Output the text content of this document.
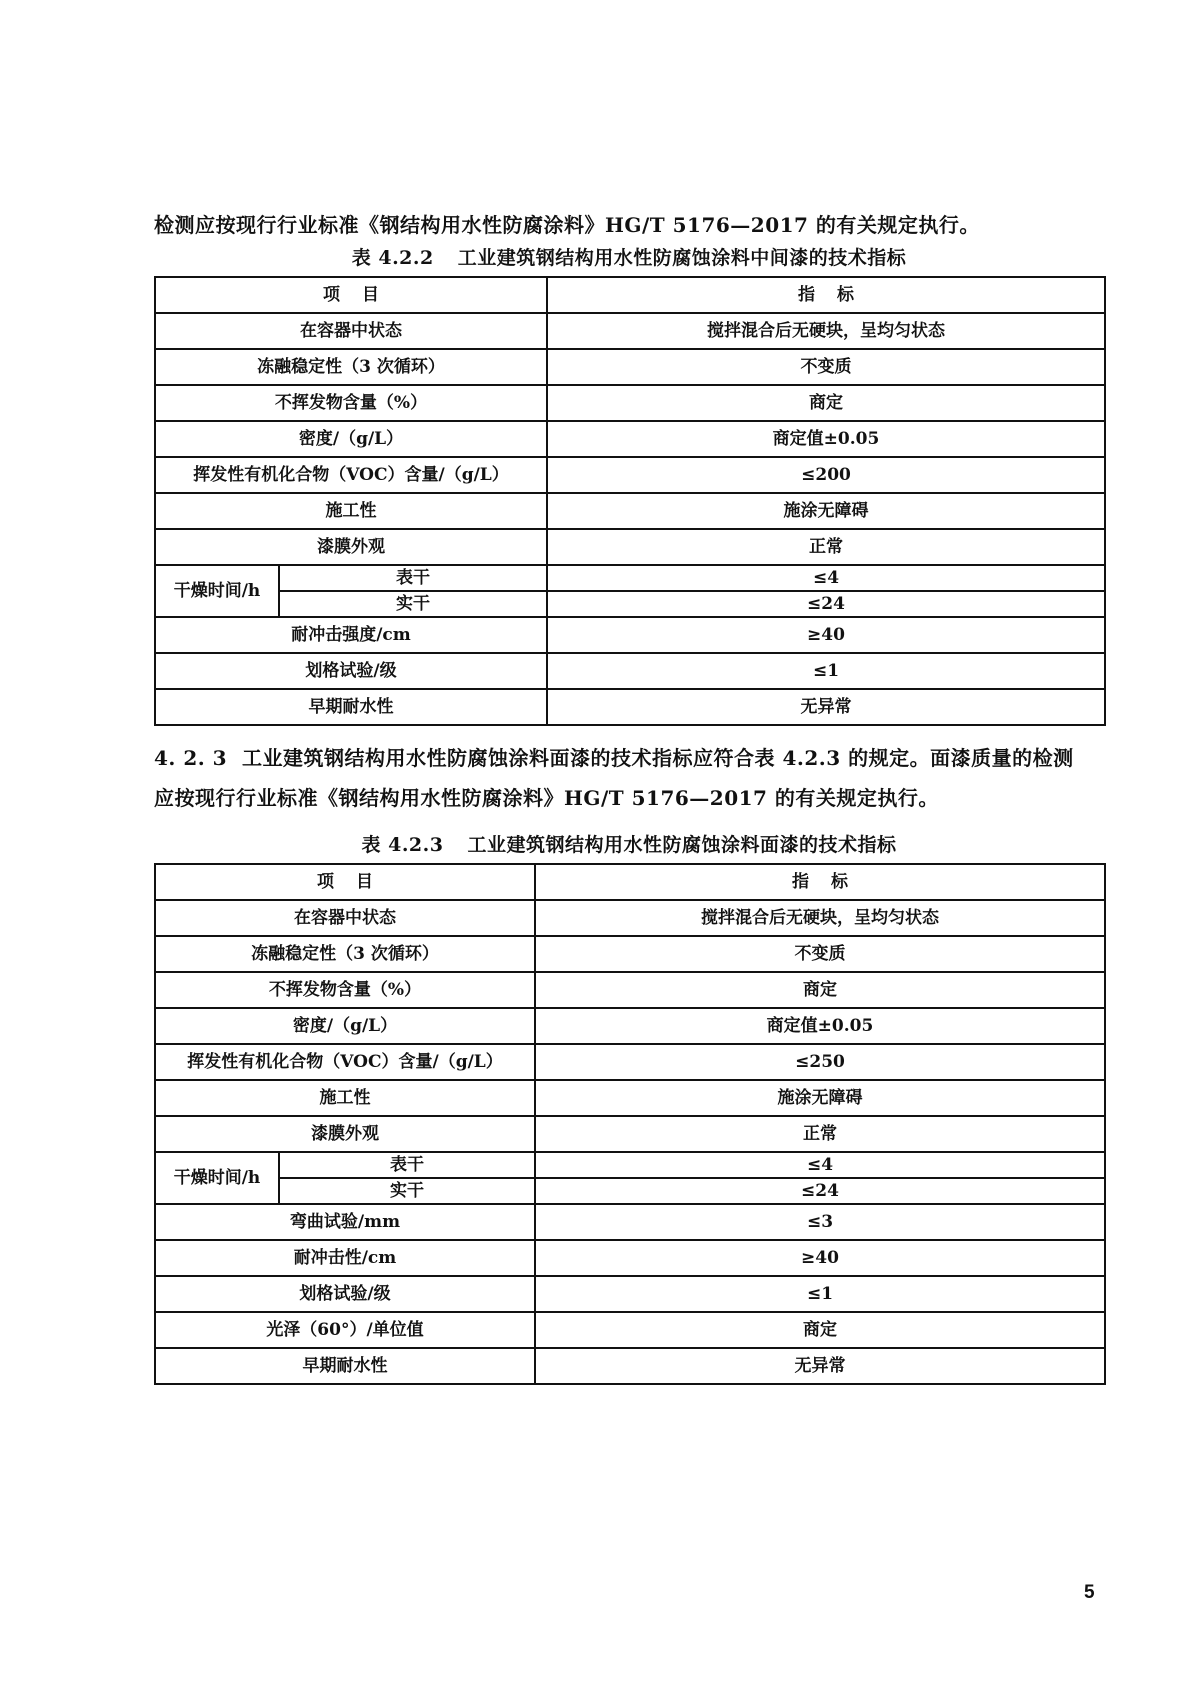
检测应按现行行业标准《钢结构用水性防腐涂料》HG/T 5176—2017 的有关规定执行。
表 4.2.2 工业建筑钢结构用水性防腐蚀涂料中间漆的技术指标
项目		指标
在容器中状态		搅拌混合后无硬块，呈均匀状态
冻融稳定性（3 次循环）		不变质
不挥发物含量（%）		商定
密度/（g/L）		商定值±0.05
挥发性有机化合物（VOC）含量/（g/L）		≤200
施工性		施涂无障碍
漆膜外观		正常
干燥时间/h	表干	≤4
	实干	≤24
耐冲击强度/cm		≥40
划格试验/级		≤1
早期耐水性		无异常
4. 2. 3 工业建筑钢结构用水性防腐蚀涂料面漆的技术指标应符合表 4.2.3 的规定。面漆质量的检测
应按现行行业标准《钢结构用水性防腐涂料》HG/T 5176—2017 的有关规定执行。
表 4.2.3 工业建筑钢结构用水性防腐蚀涂料面漆的技术指标
项目		指标
在容器中状态		搅拌混合后无硬块，呈均匀状态
冻融稳定性（3 次循环）		不变质
不挥发物含量（%）		商定
密度/（g/L）		商定值±0.05
挥发性有机化合物（VOC）含量/（g/L）		≤250
施工性		施涂无障碍
漆膜外观		正常
干燥时间/h	表干	≤4
	实干	≤24
弯曲试验/mm		≤3
耐冲击性/cm		≥40
划格试验/级		≤1
光泽（60°）/单位值		商定
早期耐水性		无异常
5
